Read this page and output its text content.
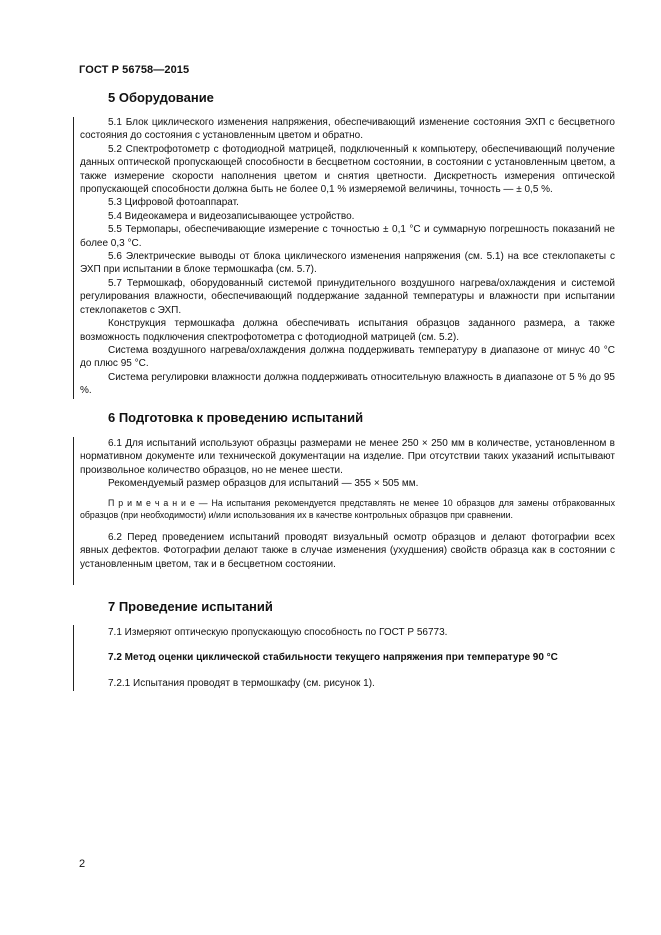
ГОСТ Р 56758—2015
5 Оборудование

5.1 Блок циклического изменения напряжения, обеспечивающий изменение состояния ЭХП с бесцветного состояния до состояния с установленным цветом и обратно.

5.2 Спектрофотометр с фотодиодной матрицей, подключенный к компьютеру, обеспечивающий получение данных оптической пропускающей способности в бесцветном состоянии, в состоянии с установленным цветом, а также измерение скорости наполнения цветом и снятия цветности. Дискретность измерения оптической пропускающей способности должна быть не более 0,1 % измеряемой величины, точность — ± 0,5 %.

5.3 Цифровой фотоаппарат.

5.4 Видеокамера и видеозаписывающее устройство.

5.5 Термопары, обеспечивающие измерение с точностью ± 0,1 °С и суммарную погрешность показаний не более 0,3 °С.

5.6 Электрические выводы от блока циклического изменения напряжения (см. 5.1) на все стеклопакеты с ЭХП при испытании в блоке термошкафа (см. 5.7).

5.7 Термошкаф, оборудованный системой принудительного воздушного нагрева/охлаждения и системой регулирования влажности, обеспечивающий поддержание заданной температуры и влажности при испытании стеклопакетов с ЭХП.

Конструкция термошкафа должна обеспечивать испытания образцов заданного размера, а также возможность подключения спектрофотометра с фотодиодной матрицей (см. 5.2).

Система воздушного нагрева/охлаждения должна поддерживать температуру в диапазоне от минус 40 °С до плюс 95 °С.

Система регулировки влажности должна поддерживать относительную влажность в диапазоне от 5 % до 95 %.

6 Подготовка к проведению испытаний

6.1 Для испытаний используют образцы размерами не менее 250 × 250 мм в количестве, установленном в нормативном документе или технической документации на изделие. При отсутствии таких указаний испытывают произвольное количество образцов, но не менее шести.

Рекомендуемый размер образцов для испытаний — 355 × 505 мм.

П р и м е ч а н и е — На испытания рекомендуется представлять не менее 10 образцов для замены отбракованных образцов (при необходимости) и/или использования их в качестве контрольных образцов при сравнении.

6.2 Перед проведением испытаний проводят визуальный осмотр образцов и делают фотографии всех явных дефектов. Фотографии делают также в случае изменения (ухудшения) свойств образца как в состоянии с установленным цветом, так и в бесцветном состоянии.

7 Проведение испытаний
7.1 Измеряют оптическую пропускающую способность по ГОСТ Р 56773.
7.2 Метод оценки циклической стабильности текущего напряжения при температуре 90 °С
7.2.1 Испытания проводят в термошкафу (см. рисунок 1).
2
